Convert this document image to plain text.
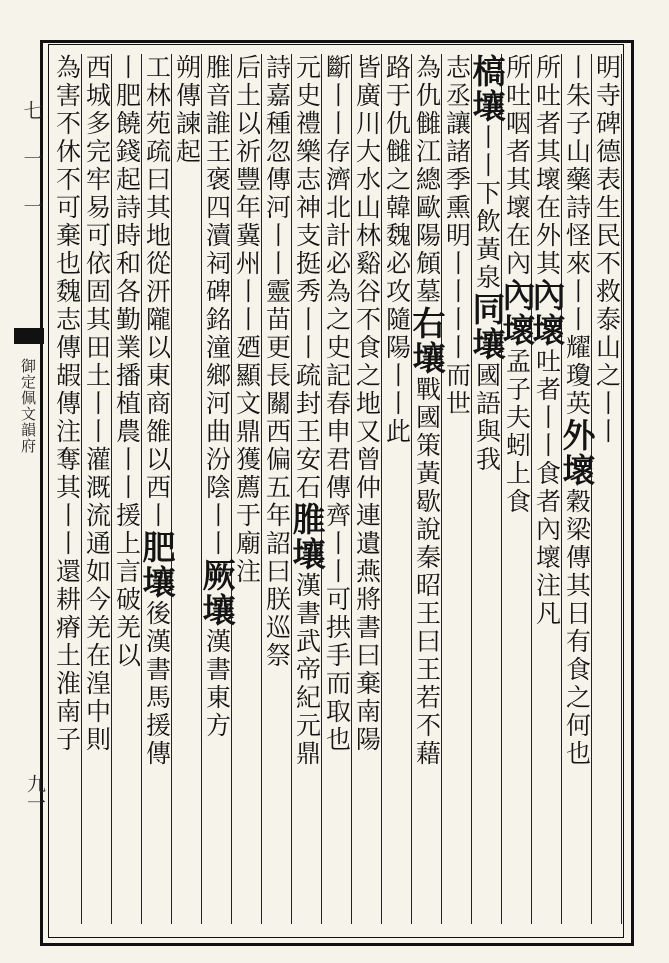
七 一 一
御定佩文韻府
九一
明寺碑德表生民不救泰山之丨丨
丨朱子山藥詩怪來丨丨耀瓊英外壞穀梁傳其日有食之何也
所吐者其壞在外其內壞吐者丨丨食者內壞注凡
所吐咽者其壞在內內壞孟子夫蚓上食
槁壤丨丨下飲黃泉同壤國語與我
志丞讓諸季熏明丨丨丨丨而世
為仇雠江總歐陽頠墓右壤戰國策黃歇說秦昭王曰王若不藉
路于仇雠之韓魏必攻隨陽丨丨此
皆廣川大水山林谿谷不食之地又曾仲連遺燕將書曰棄南陽
斷丨丨存濟北計必為之史記春申君傳齊丨丨可拱手而取也
元史禮樂志神支挺秀丨丨疏封王安石脽壤漢書武帝紀元鼎
詩嘉種忽傳河丨丨靈苗更長關西偏五年詔曰朕巡祭
后土以祈豐年冀州丨丨廼顯文鼎獲薦于廟注
脽音誰王褒四瀆祠碑銘潼鄉河曲汾陰丨丨厥壤漢書東方
朔傳諫起
工林苑疏曰其地從汧隴以東商雒以西丨肥壤後漢書馬援傳
丨肥饒錢起詩時和各勤業播植農丨丨援上言破羌以
西城多完牢易可依固其田土丨丨灌溉流通如今羌在湟中則
為害不休不可棄也魏志傳嘏傳注奪其丨丨還耕瘠土淮南子
